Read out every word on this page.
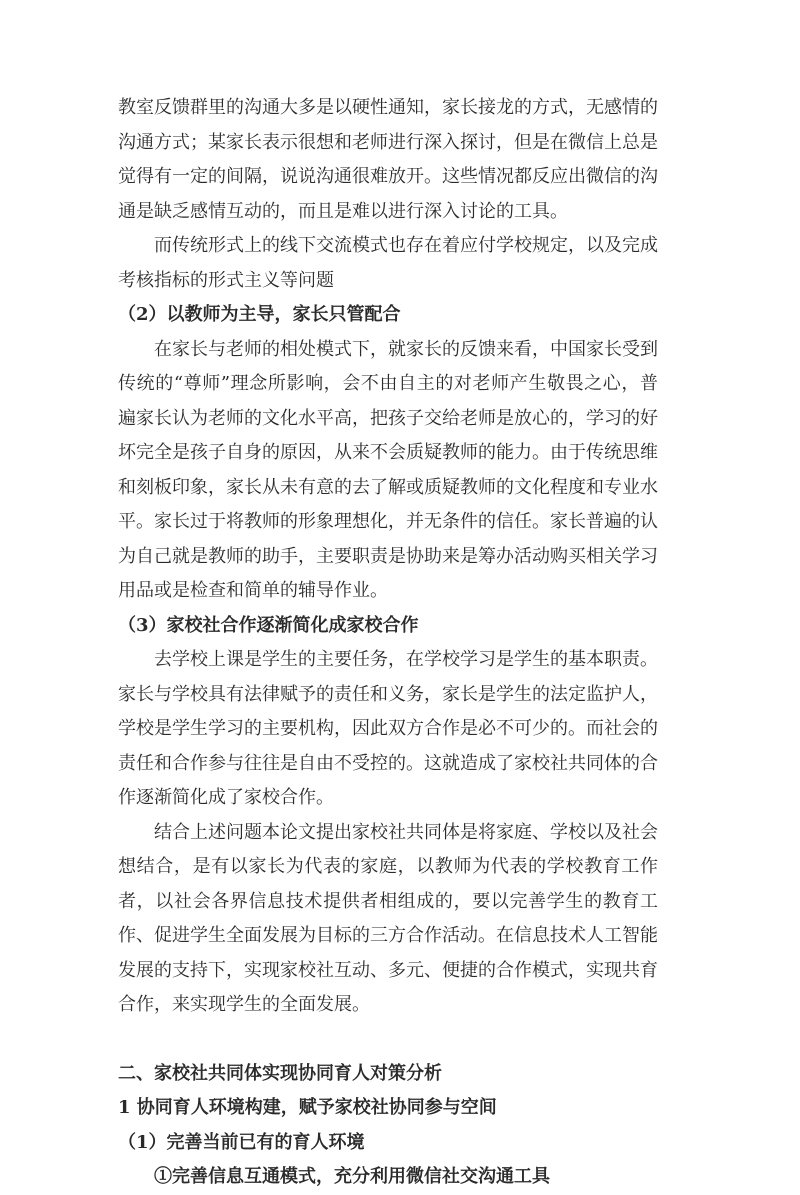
教室反馈群里的沟通大多是以硬性通知，家长接龙的方式，无感情的沟通方式；某家长表示很想和老师进行深入探讨，但是在微信上总是觉得有一定的间隔，说说沟通很难放开。这些情况都反应出微信的沟通是缺乏感情互动的，而且是难以进行深入讨论的工具。

而传统形式上的线下交流模式也存在着应付学校规定，以及完成考核指标的形式主义等问题

（2）以教师为主导，家长只管配合

在家长与老师的相处模式下，就家长的反馈来看，中国家长受到传统的“尊师”理念所影响，会不由自主的对老师产生敬畏之心，普遍家长认为老师的文化水平高，把孩子交给老师是放心的，学习的好坏完全是孩子自身的原因，从来不会质疑教师的能力。由于传统思维和刻板印象，家长从未有意的去了解或质疑教师的文化程度和专业水平。家长过于将教师的形象理想化，并无条件的信任。家长普遍的认为自己就是教师的助手，主要职责是协助来是筹办活动购买相关学习用品或是检查和简单的辅导作业。

（3）家校社合作逐渐简化成家校合作

去学校上课是学生的主要任务，在学校学习是学生的基本职责。家长与学校具有法律赋予的责任和义务，家长是学生的法定监护人，学校是学生学习的主要机构，因此双方合作是必不可少的。而社会的责任和合作参与往往是自由不受控的。这就造成了家校社共同体的合作逐渐简化成了家校合作。

结合上述问题本论文提出家校社共同体是将家庭、学校以及社会想结合，是有以家长为代表的家庭，以教师为代表的学校教育工作者，以社会各界信息技术提供者相组成的，要以完善学生的教育工作、促进学生全面发展为目标的三方合作活动。在信息技术人工智能发展的支持下，实现家校社互动、多元、便捷的合作模式，实现共育合作，来实现学生的全面发展。

二、家校社共同体实现协同育人对策分析

1 协同育人环境构建，赋予家校社协同参与空间

（1）完善当前已有的育人环境

①完善信息互通模式，充分利用微信社交沟通工具
